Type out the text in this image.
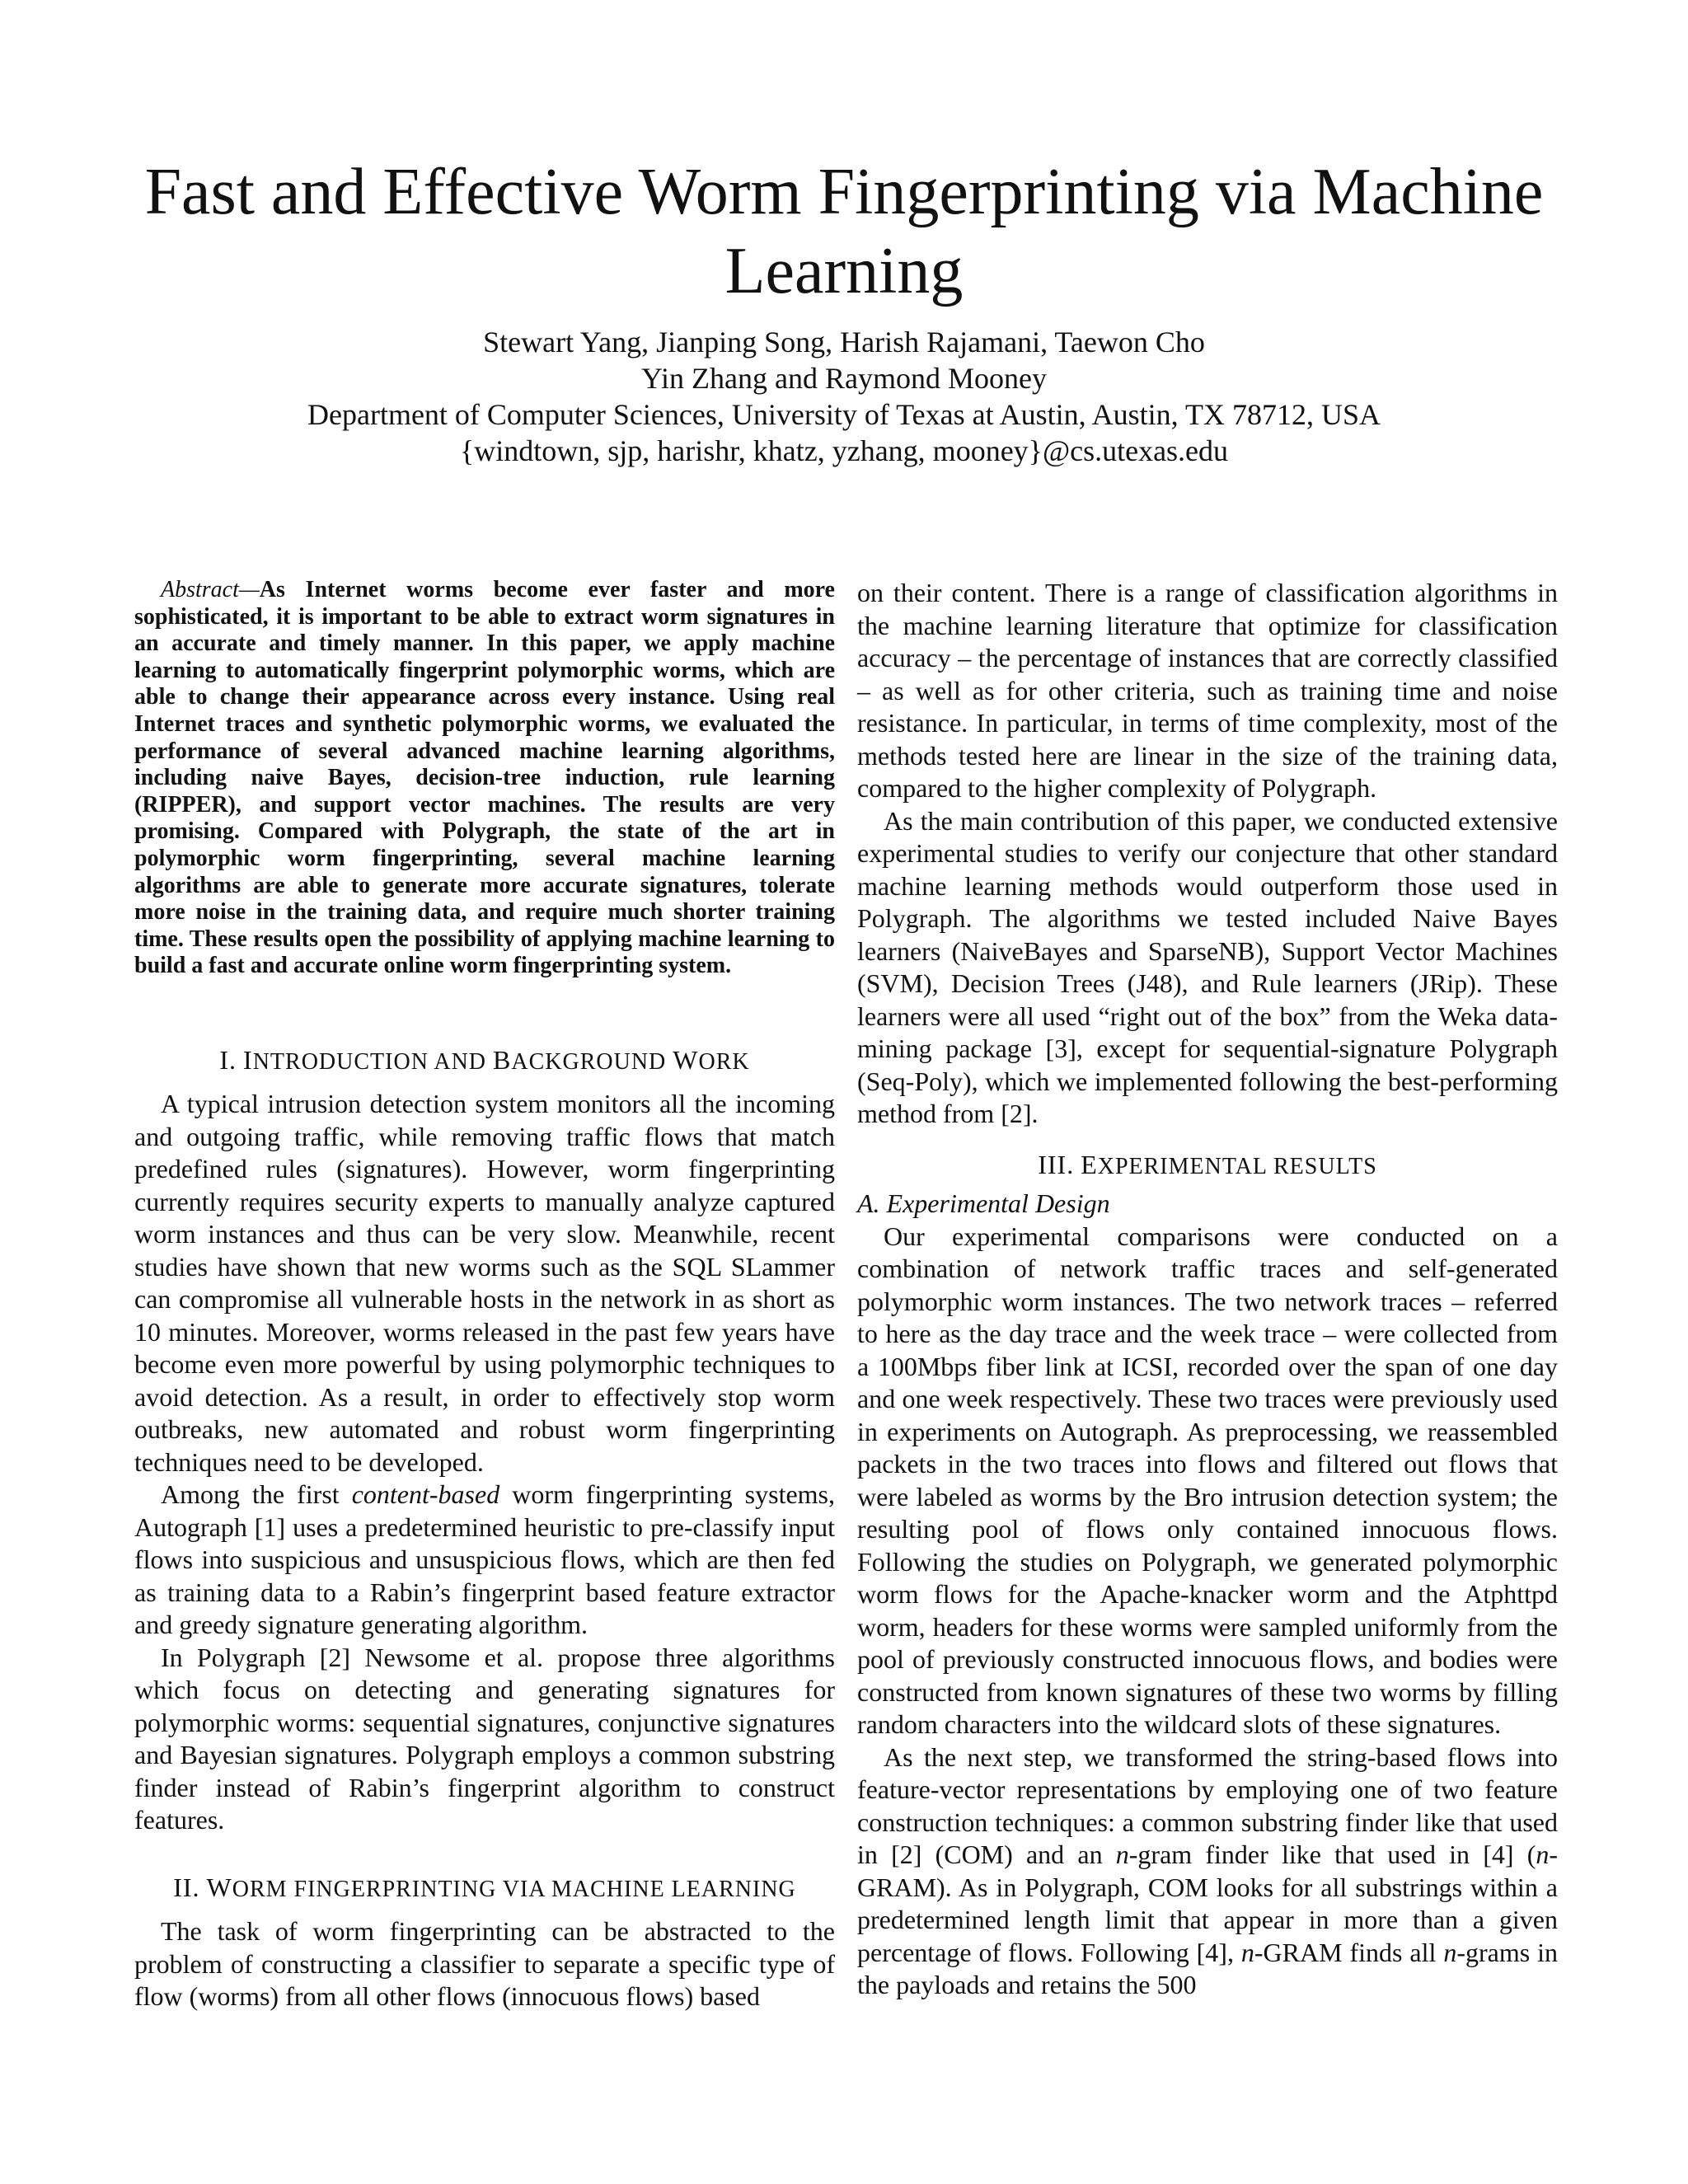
Fast and Effective Worm Fingerprinting via Machine Learning
Stewart Yang, Jianping Song, Harish Rajamani, Taewon Cho
Yin Zhang and Raymond Mooney
Department of Computer Sciences, University of Texas at Austin, Austin, TX 78712, USA
{windtown, sjp, harishr, khatz, yzhang, mooney}@cs.utexas.edu

Abstract—As Internet worms become ever faster and more sophisticated, it is important to be able to extract worm signatures in an accurate and timely manner. In this paper, we apply machine learning to automatically fingerprint polymorphic worms, which are able to change their appearance across every instance. Using real Internet traces and synthetic polymorphic worms, we evaluated the performance of several advanced machine learning algorithms, including naive Bayes, decision-tree induction, rule learning (RIPPER), and support vector machines. The results are very promising. Compared with Polygraph, the state of the art in polymorphic worm fingerprinting, several machine learning algorithms are able to generate more accurate signatures, tolerate more noise in the training data, and require much shorter training time. These results open the possibility of applying machine learning to build a fast and accurate online worm fingerprinting system.

I. INTRODUCTION AND BACKGROUND WORK

A typical intrusion detection system monitors all the incoming and outgoing traffic, while removing traffic flows that match predefined rules (signatures). However, worm fingerprinting currently requires security experts to manually analyze captured worm instances and thus can be very slow. Meanwhile, recent studies have shown that new worms such as the SQL SLammer can compromise all vulnerable hosts in the network in as short as 10 minutes. Moreover, worms released in the past few years have become even more powerful by using polymorphic techniques to avoid detection. As a result, in order to effectively stop worm outbreaks, new automated and robust worm fingerprinting techniques need to be developed.

Among the first content-based worm fingerprinting systems, Autograph [1] uses a predetermined heuristic to pre-classify input flows into suspicious and unsuspicious flows, which are then fed as training data to a Rabin’s fingerprint based feature extractor and greedy signature generating algorithm.

In Polygraph [2] Newsome et al. propose three algorithms which focus on detecting and generating signatures for polymorphic worms: sequential signatures, conjunctive signatures and Bayesian signatures. Polygraph employs a common substring finder instead of Rabin’s fingerprint algorithm to construct features.

II. WORM FINGERPRINTING VIA MACHINE LEARNING

The task of worm fingerprinting can be abstracted to the problem of constructing a classifier to separate a specific type of flow (worms) from all other flows (innocuous flows) based

on their content. There is a range of classification algorithms in the machine learning literature that optimize for classification accuracy – the percentage of instances that are correctly classified – as well as for other criteria, such as training time and noise resistance. In particular, in terms of time complexity, most of the methods tested here are linear in the size of the training data, compared to the higher complexity of Polygraph.

As the main contribution of this paper, we conducted extensive experimental studies to verify our conjecture that other standard machine learning methods would outperform those used in Polygraph. The algorithms we tested included Naive Bayes learners (NaiveBayes and SparseNB), Support Vector Machines (SVM), Decision Trees (J48), and Rule learners (JRip). These learners were all used “right out of the box” from the Weka data-mining package [3], except for sequential-signature Polygraph (Seq-Poly), which we implemented following the best-performing method from [2].

III. EXPERIMENTAL RESULTS
A. Experimental Design

Our experimental comparisons were conducted on a combination of network traffic traces and self-generated polymorphic worm instances. The two network traces – referred to here as the day trace and the week trace – were collected from a 100Mbps fiber link at ICSI, recorded over the span of one day and one week respectively. These two traces were previously used in experiments on Autograph. As preprocessing, we reassembled packets in the two traces into flows and filtered out flows that were labeled as worms by the Bro intrusion detection system; the resulting pool of flows only contained innocuous flows. Following the studies on Polygraph, we generated polymorphic worm flows for the Apache-knacker worm and the Atphttpd worm, headers for these worms were sampled uniformly from the pool of previously constructed innocuous flows, and bodies were constructed from known signatures of these two worms by filling random characters into the wildcard slots of these signatures.

As the next step, we transformed the string-based flows into feature-vector representations by employing one of two feature construction techniques: a common substring finder like that used in [2] (COM) and an n-gram finder like that used in [4] (n-GRAM). As in Polygraph, COM looks for all substrings within a predetermined length limit that appear in more than a given percentage of flows. Following [4], n-GRAM finds all n-grams in the payloads and retains the 500
